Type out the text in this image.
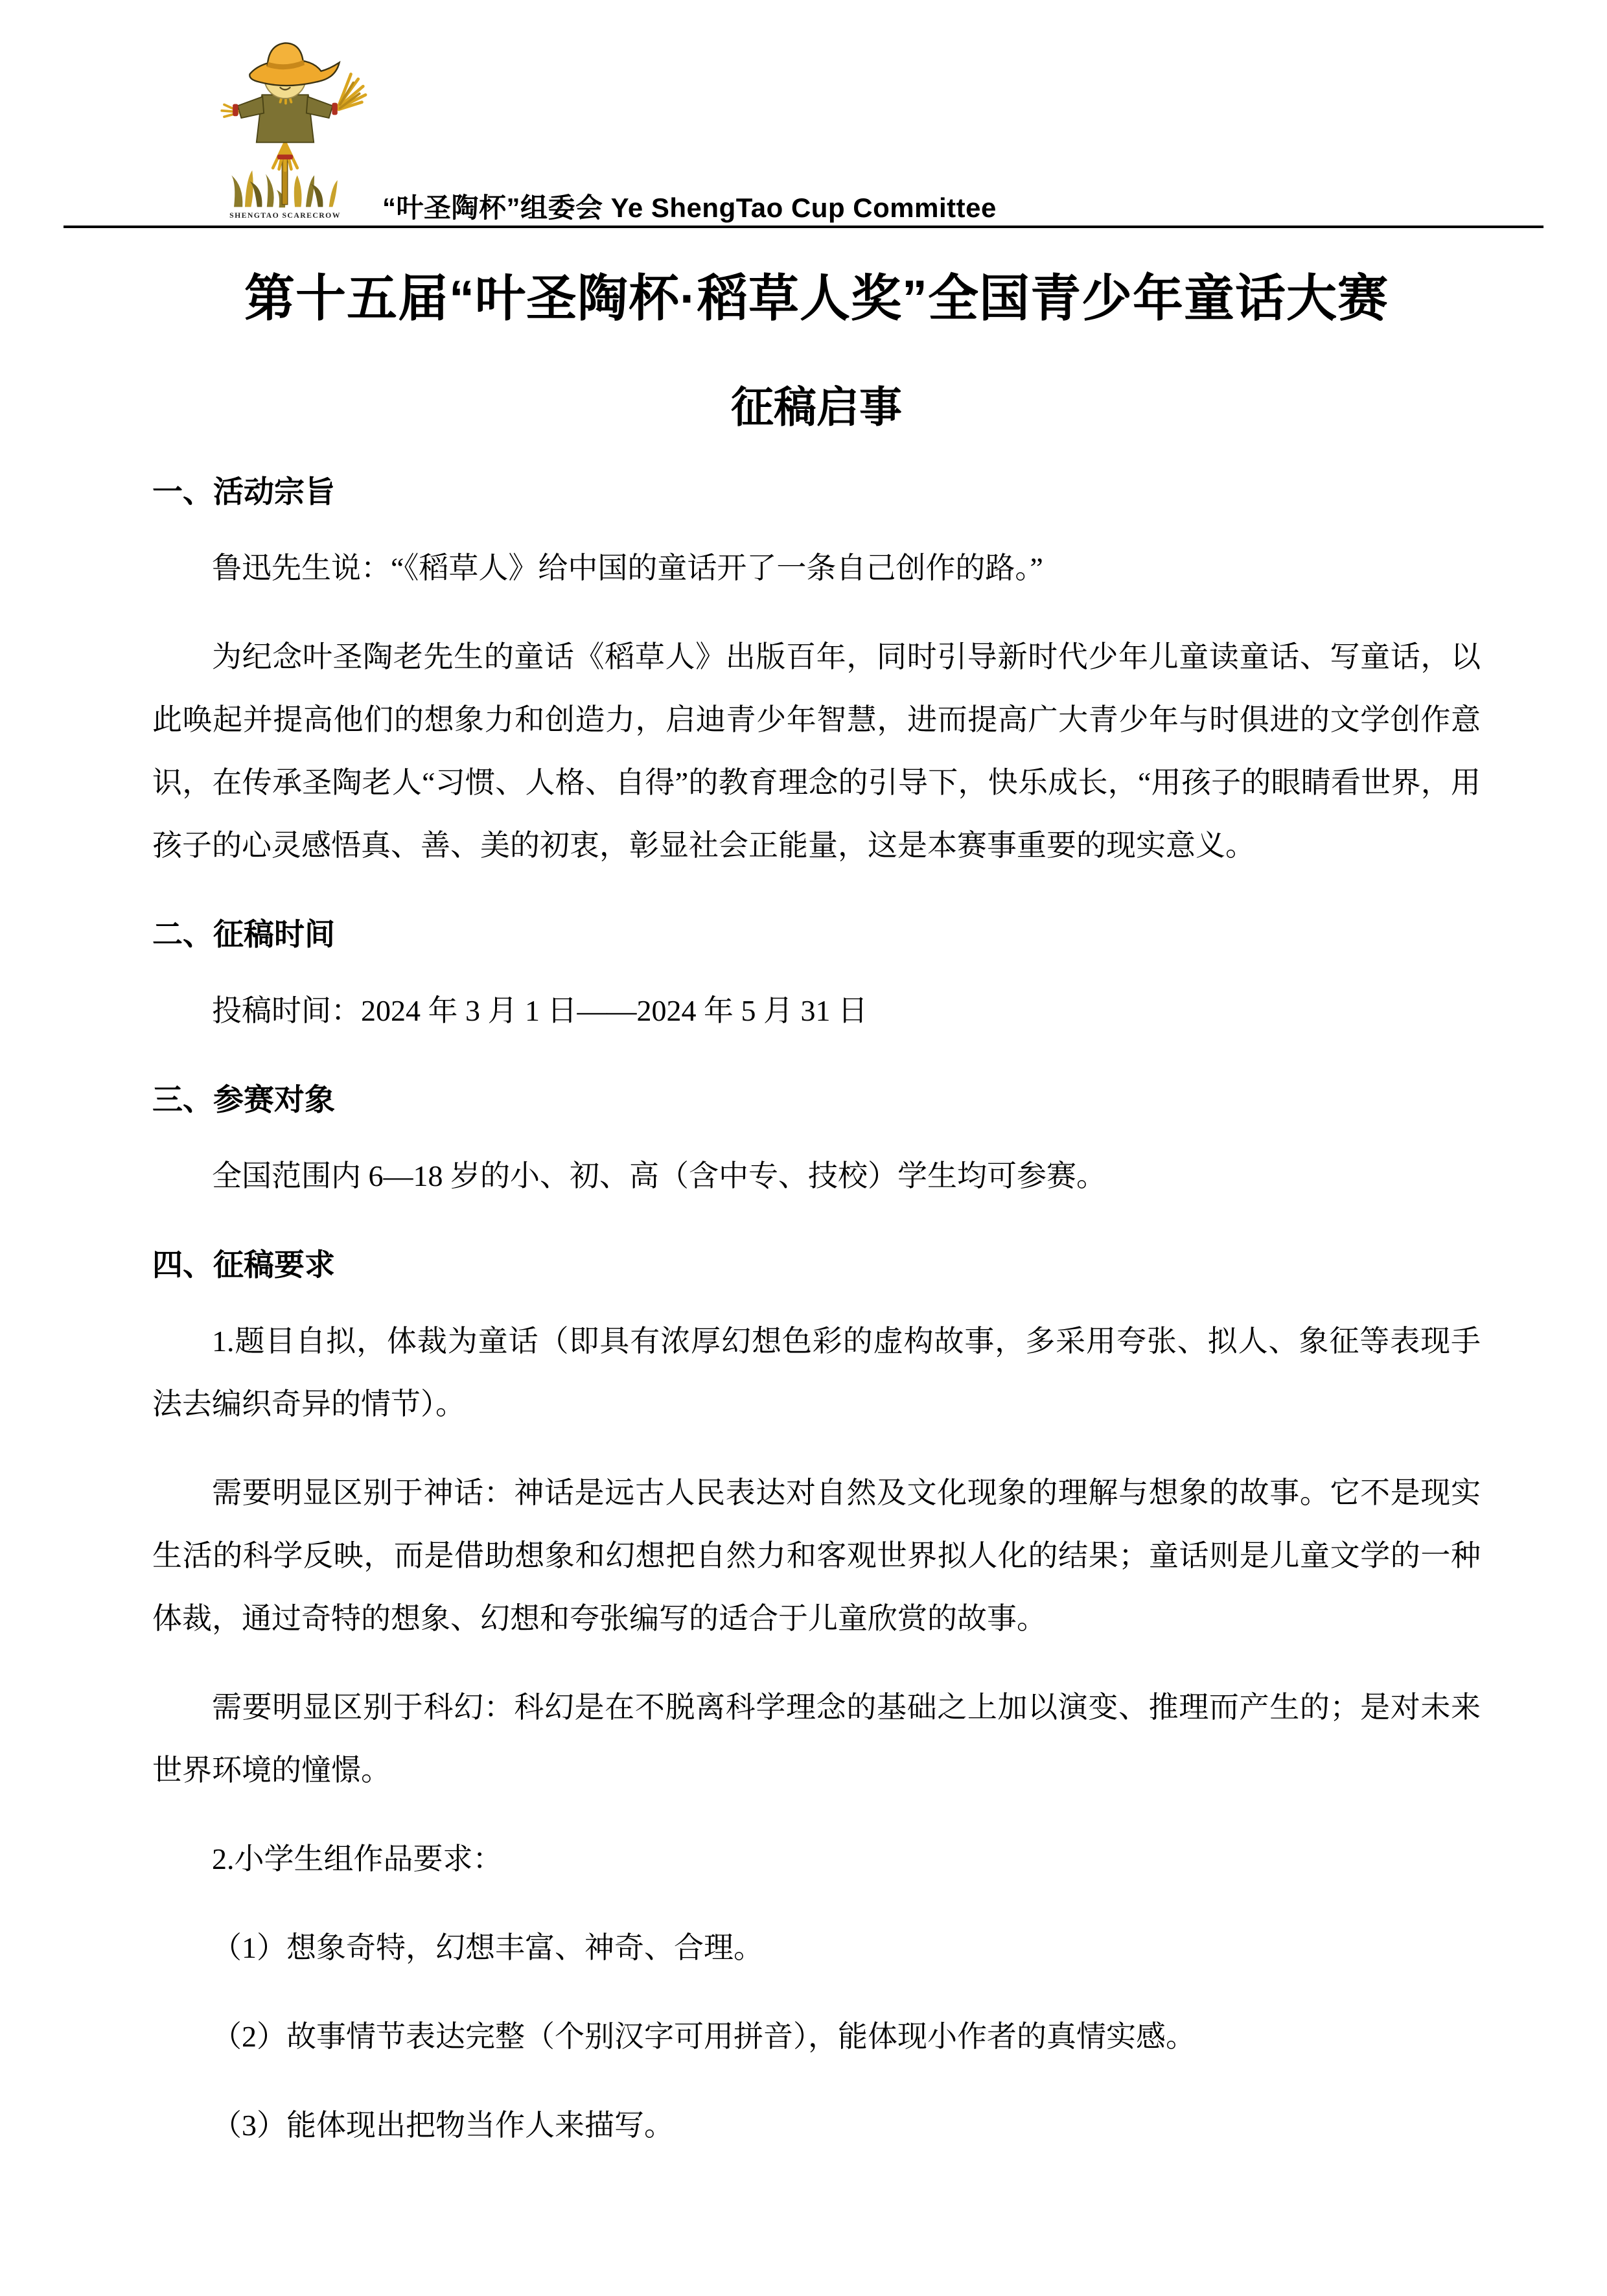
SHENGTAO SCARECROW “叶圣陶杯”组委会 Ye ShengTao Cup Committee
第十五届“叶圣陶杯·稻草人奖”全国青少年童话大赛
征稿启事
一、活动宗旨

鲁迅先生说：“《稻草人》给中国的童话开了一条自己创作的路。”

为纪念叶圣陶老先生的童话《稻草人》出版百年，同时引导新时代少年儿童读童话、写童话，以此唤起并提高他们的想象力和创造力，启迪青少年智慧，进而提高广大青少年与时俱进的文学创作意识，在传承圣陶老人“习惯、人格、自得”的教育理念的引导下，快乐成长，“用孩子的眼睛看世界，用孩子的心灵感悟真、善、美的初衷，彰显社会正能量，这是本赛事重要的现实意义。

二、征稿时间

投稿时间：2024 年 3 月 1 日——2024 年 5 月 31 日

三、参赛对象

全国范围内 6—18 岁的小、初、高（含中专、技校）学生均可参赛。

四、征稿要求

1.题目自拟，体裁为童话（即具有浓厚幻想色彩的虚构故事，多采用夸张、拟人、象征等表现手法去编织奇异的情节）。

需要明显区别于神话：神话是远古人民表达对自然及文化现象的理解与想象的故事。它不是现实生活的科学反映，而是借助想象和幻想把自然力和客观世界拟人化的结果；童话则是儿童文学的一种体裁，通过奇特的想象、幻想和夸张编写的适合于儿童欣赏的故事。

需要明显区别于科幻：科幻是在不脱离科学理念的基础之上加以演变、推理而产生的；是对未来世界环境的憧憬。

2.小学生组作品要求：

（1）想象奇特，幻想丰富、神奇、合理。

（2）故事情节表达完整（个别汉字可用拼音），能体现小作者的真情实感。

（3）能体现出把物当作人来描写。
